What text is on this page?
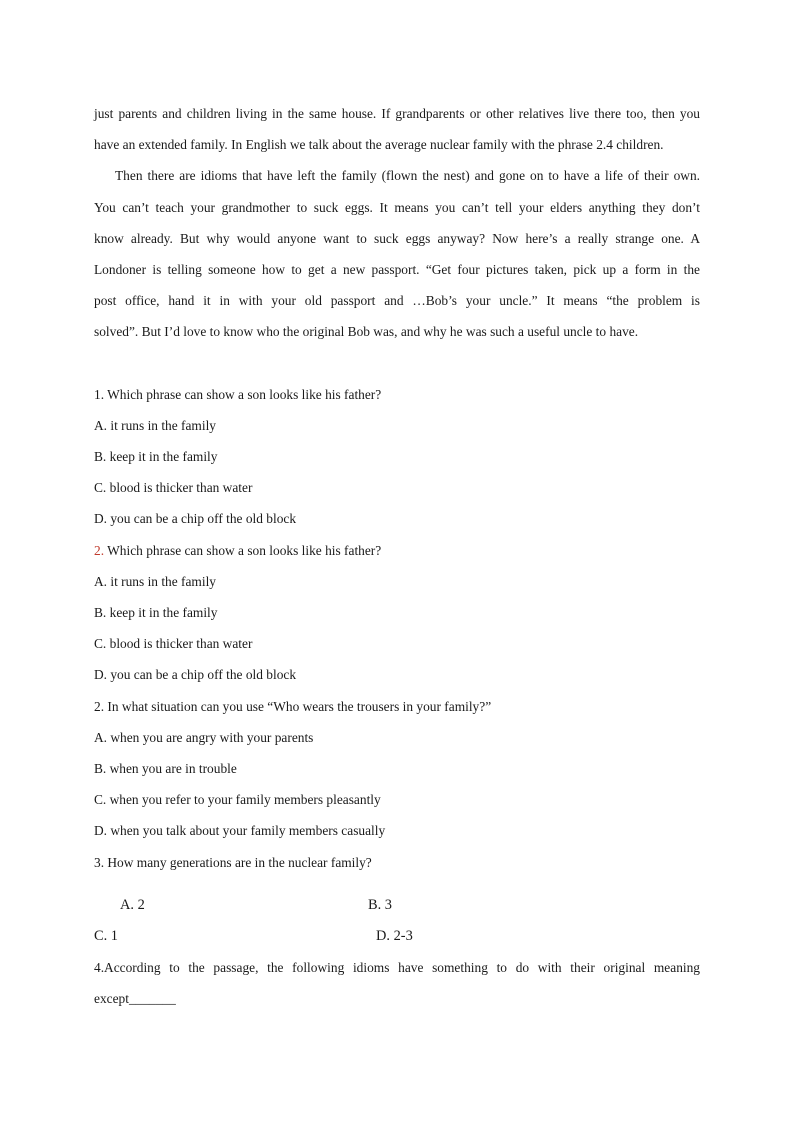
just parents and children living in the same house. If grandparents or other relatives live there too, then you
have an extended family. In English we talk about the average nuclear family with the phrase 2.4 children.
Then there are idioms that have left the family (flown the nest) and gone on to have a life of their own.
You can’t teach your grandmother to suck eggs. It means you can’t tell your elders anything they don’t
know already. But why would anyone want to suck eggs anyway? Now here’s a really strange one. A
Londoner is telling someone how to get a new passport. “Get four pictures taken, pick up a form in the
post office, hand it in with your old passport and …Bob’s your uncle.” It means “the problem is
solved”. But I’d love to know who the original Bob was, and why he was such a useful uncle to have.
1. Which phrase can show a son looks like his father?
A. it runs in the family
B. keep it in the family
C. blood is thicker than water
D. you can be a chip off the old block
2. Which phrase can show a son looks like his father?
A. it runs in the family
B. keep it in the family
C. blood is thicker than water
D. you can be a chip off the old block
2. In what situation can you use “Who wears the trousers in your family?”
A. when you are angry with your parents
B. when you are in trouble
C. when you refer to your family members pleasantly
D. when you talk about your family members casually
3. How many generations are in the nuclear family?
A. 2	B. 3
C. 1	D. 2-3
4.According to the passage, the following idioms have something to do with their original meaning
except_______
